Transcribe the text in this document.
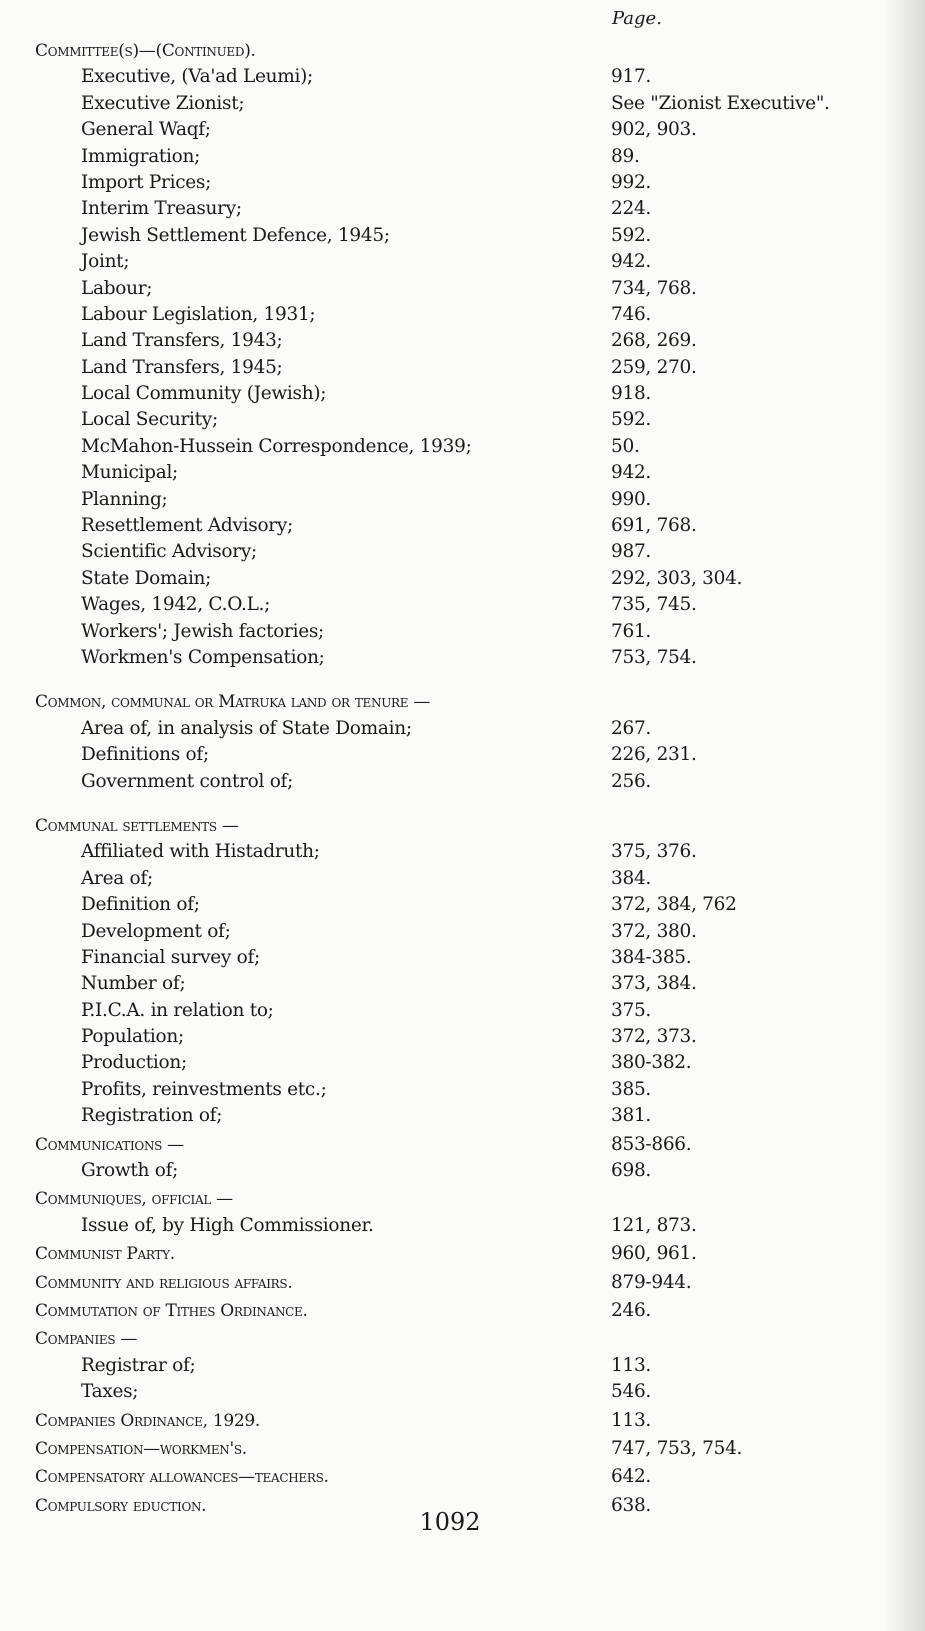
Page.
Committee(s)—(Continued).
Executive, (Va'ad Leumi);	917.
Executive Zionist;	See "Zionist Executive".
General Waqf;	902, 903.
Immigration;	89.
Import Prices;	992.
Interim Treasury;	224.
Jewish Settlement Defence, 1945;	592.
Joint;	942.
Labour;	734, 768.
Labour Legislation, 1931;	746.
Land Transfers, 1943;	268, 269.
Land Transfers, 1945;	259, 270.
Local Community (Jewish);	918.
Local Security;	592.
McMahon-Hussein Correspondence, 1939;	50.
Municipal;	942.
Planning;	990.
Resettlement Advisory;	691, 768.
Scientific Advisory;	987.
State Domain;	292, 303, 304.
Wages, 1942, C.O.L.;	735, 745.
Workers'; Jewish factories;	761.
Workmen's Compensation;	753, 754.
Common, communal or Matruka land or tenure —
Area of, in analysis of State Domain;	267.
Definitions of;	226, 231.
Government control of;	256.
Communal settlements —
Affiliated with Histadruth;	375, 376.
Area of;	384.
Definition of;	372, 384, 762
Development of;	372, 380.
Financial survey of;	384-385.
Number of;	373, 384.
P.I.C.A. in relation to;	375.
Population;	372, 373.
Production;	380-382.
Profits, reinvestments etc.;	385.
Registration of;	381.
Communications —	853-866.
Growth of;	698.
Communiques, official —
Issue of, by High Commissioner.	121, 873.
Communist Party.	960, 961.
Community and religious affairs.	879-944.
Commutation of Tithes Ordinance.	246.
Companies —
Registrar of;	113.
Taxes;	546.
Companies Ordinance, 1929.	113.
Compensation—workmen's.	747, 753, 754.
Compensatory allowances—teachers.	642.
Compulsory eduction.	638.
1092
